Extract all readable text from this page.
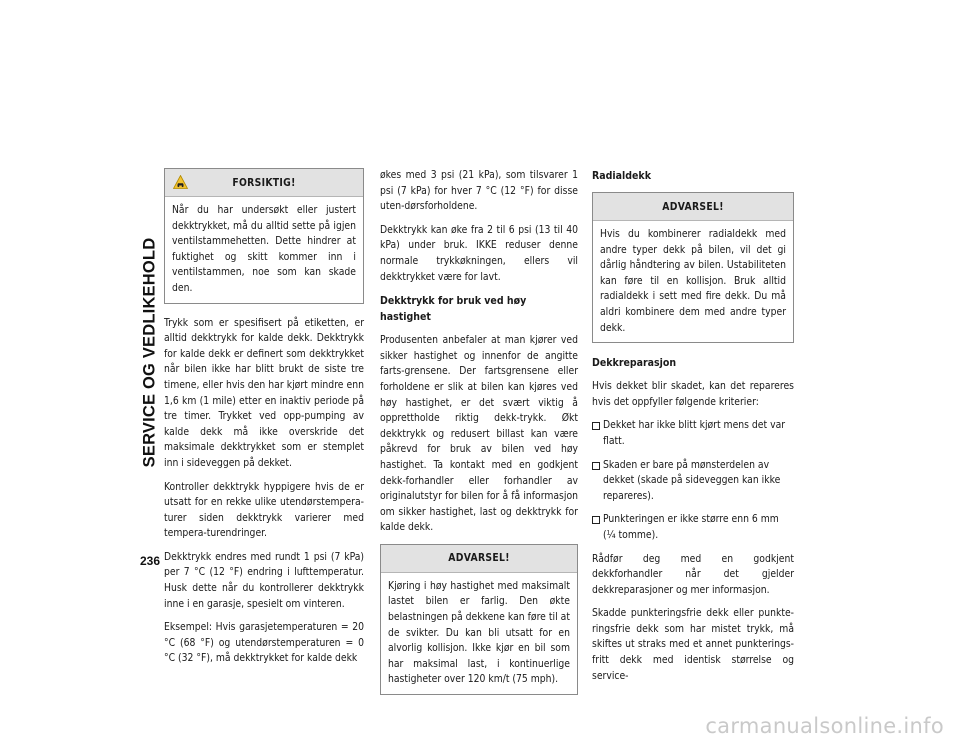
SERVICE OG VEDLIKEHOLD
236
FORSIKTIG!

Når du har undersøkt eller justert dekktrykket, må du alltid sette på igjen ventilstammehetten. Dette hindrer at fuktighet og skitt kommer inn i ventilstammen, noe som kan skade den.

Trykk som er spesifisert på etiketten, er alltid dekktrykk for kalde dekk. Dekktrykk for kalde dekk er definert som dekktrykket når bilen ikke har blitt brukt de siste tre timene, eller hvis den har kjørt mindre enn 1,6 km (1 mile) etter en inaktiv periode på tre timer. Trykket ved opp-pumping av kalde dekk må ikke overskride det maksimale dekktrykket som er stemplet inn i sideveggen på dekket.

Kontroller dekktrykk hyppigere hvis de er utsatt for en rekke ulike utendørstempera-turer siden dekktrykk varierer med tempera-turendringer.

Dekktrykk endres med rundt 1 psi (7 kPa) per 7 °C (12 °F) endring i lufttemperatur. Husk dette når du kontrollerer dekktrykk inne i en garasje, spesielt om vinteren.

Eksempel: Hvis garasjetemperaturen = 20 °C (68 °F) og utendørstemperaturen = 0 °C (32 °F), må dekktrykket for kalde dekk

økes med 3 psi (21 kPa), som tilsvarer 1 psi (7 kPa) for hver 7 °C (12 °F) for disse uten-dørsforholdene.

Dekktrykk kan øke fra 2 til 6 psi (13 til 40 kPa) under bruk. IKKE reduser denne normale trykkøkningen, ellers vil dekktrykket være for lavt.

Dekktrykk for bruk ved høy hastighet

Produsenten anbefaler at man kjører ved sikker hastighet og innenfor de angitte farts-grensene. Der fartsgrensene eller forholdene er slik at bilen kan kjøres ved høy hastighet, er det svært viktig å opprettholde riktig dekk-trykk. Økt dekktrykk og redusert billast kan være påkrevd for bruk av bilen ved høy hastighet. Ta kontakt med en godkjent dekk-forhandler eller forhandler av originalutstyr for bilen for å få informasjon om sikker hastighet, last og dekktrykk for kalde dekk.

ADVARSEL!

Kjøring i høy hastighet med maksimalt lastet bilen er farlig. Den økte belastningen på dekkene kan føre til at de svikter. Du kan bli utsatt for en alvorlig kollisjon. Ikke kjør en bil som har maksimal last, i kontinuerlige hastigheter over 120 km/t (75 mph).

Radialdekk
ADVARSEL!

Hvis du kombinerer radialdekk med andre typer dekk på bilen, vil det gi dårlig håndtering av bilen. Ustabiliteten kan føre til en kollisjon. Bruk alltid radialdekk i sett med fire dekk. Du må aldri kombinere dem med andre typer dekk.

Dekkreparasjon

Hvis dekket blir skadet, kan det repareres hvis det oppfyller følgende kriterier:

Dekket har ikke blitt kjørt mens det var flatt.
Skaden er bare på mønsterdelen av dekket (skade på sideveggen kan ikke repareres).
Punkteringen er ikke større enn 6 mm (¼ tomme).

Rådfør deg med en godkjent dekkforhandler når det gjelder dekkreparasjoner og mer informasjon.

Skadde punkteringsfrie dekk eller punkte-ringsfrie dekk som har mistet trykk, må skiftes ut straks med et annet punkterings-fritt dekk med identisk størrelse og service-

carmanualsonline.info
